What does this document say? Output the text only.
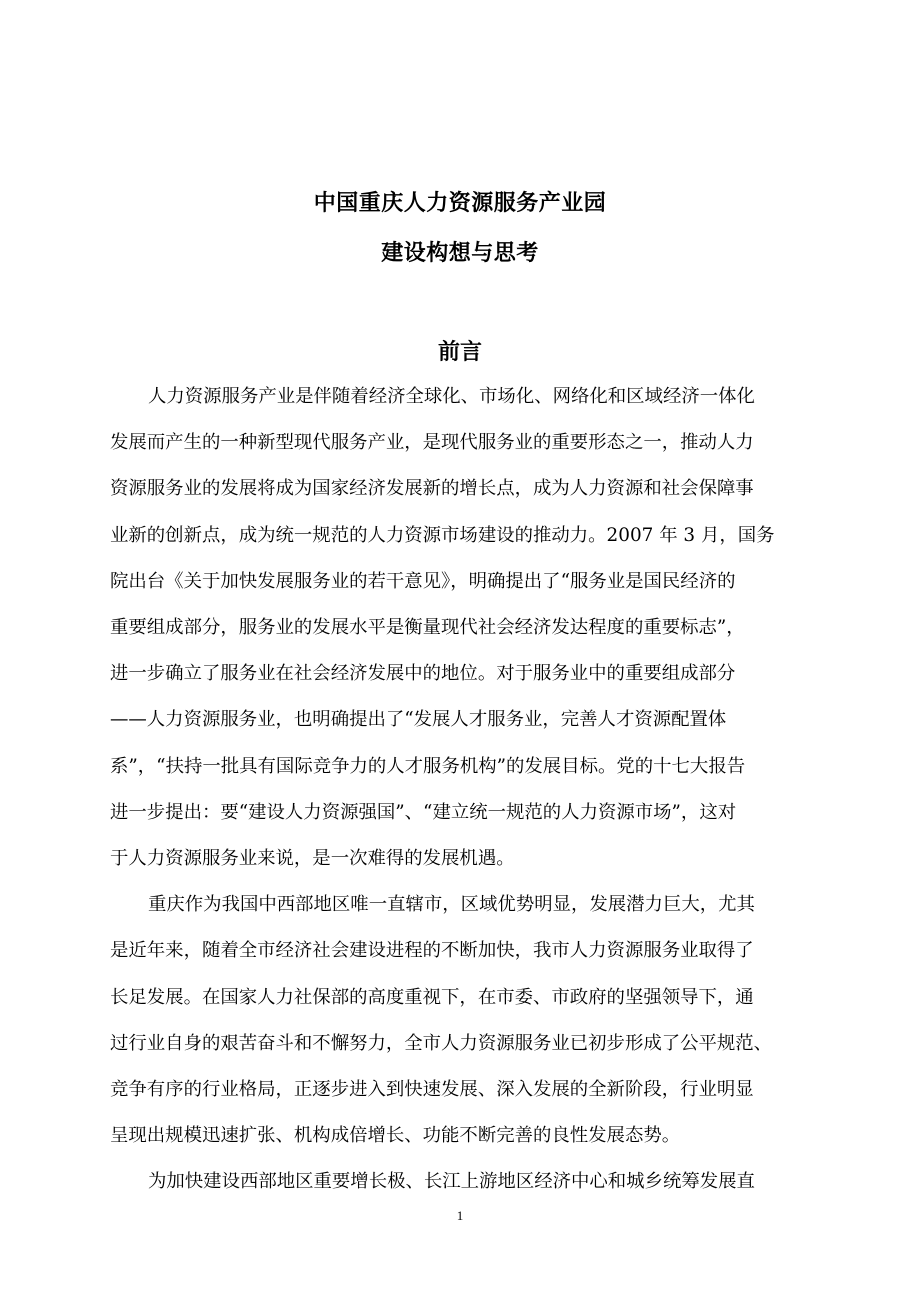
中国重庆人力资源服务产业园
建设构想与思考
前言
人力资源服务产业是伴随着经济全球化、市场化、网络化和区域经济一体化
发展而产生的一种新型现代服务产业，是现代服务业的重要形态之一，推动人力
资源服务业的发展将成为国家经济发展新的增长点，成为人力资源和社会保障事
业新的创新点，成为统一规范的人力资源市场建设的推动力。2007 年 3 月，国务
院出台《关于加快发展服务业的若干意见》，明确提出了“服务业是国民经济的
重要组成部分，服务业的发展水平是衡量现代社会经济发达程度的重要标志”，
进一步确立了服务业在社会经济发展中的地位。对于服务业中的重要组成部分
——人力资源服务业，也明确提出了“发展人才服务业，完善人才资源配置体
系”，“扶持一批具有国际竞争力的人才服务机构”的发展目标。党的十七大报告
进一步提出：要“建设人力资源强国”、“建立统一规范的人力资源市场”，这对
于人力资源服务业来说，是一次难得的发展机遇。
重庆作为我国中西部地区唯一直辖市，区域优势明显，发展潜力巨大，尤其
是近年来，随着全市经济社会建设进程的不断加快，我市人力资源服务业取得了
长足发展。在国家人力社保部的高度重视下，在市委、市政府的坚强领导下，通
过行业自身的艰苦奋斗和不懈努力，全市人力资源服务业已初步形成了公平规范、
竞争有序的行业格局，正逐步进入到快速发展、深入发展的全新阶段，行业明显
呈现出规模迅速扩张、机构成倍增长、功能不断完善的良性发展态势。
为加快建设西部地区重要增长极、长江上游地区经济中心和城乡统筹发展直
1
